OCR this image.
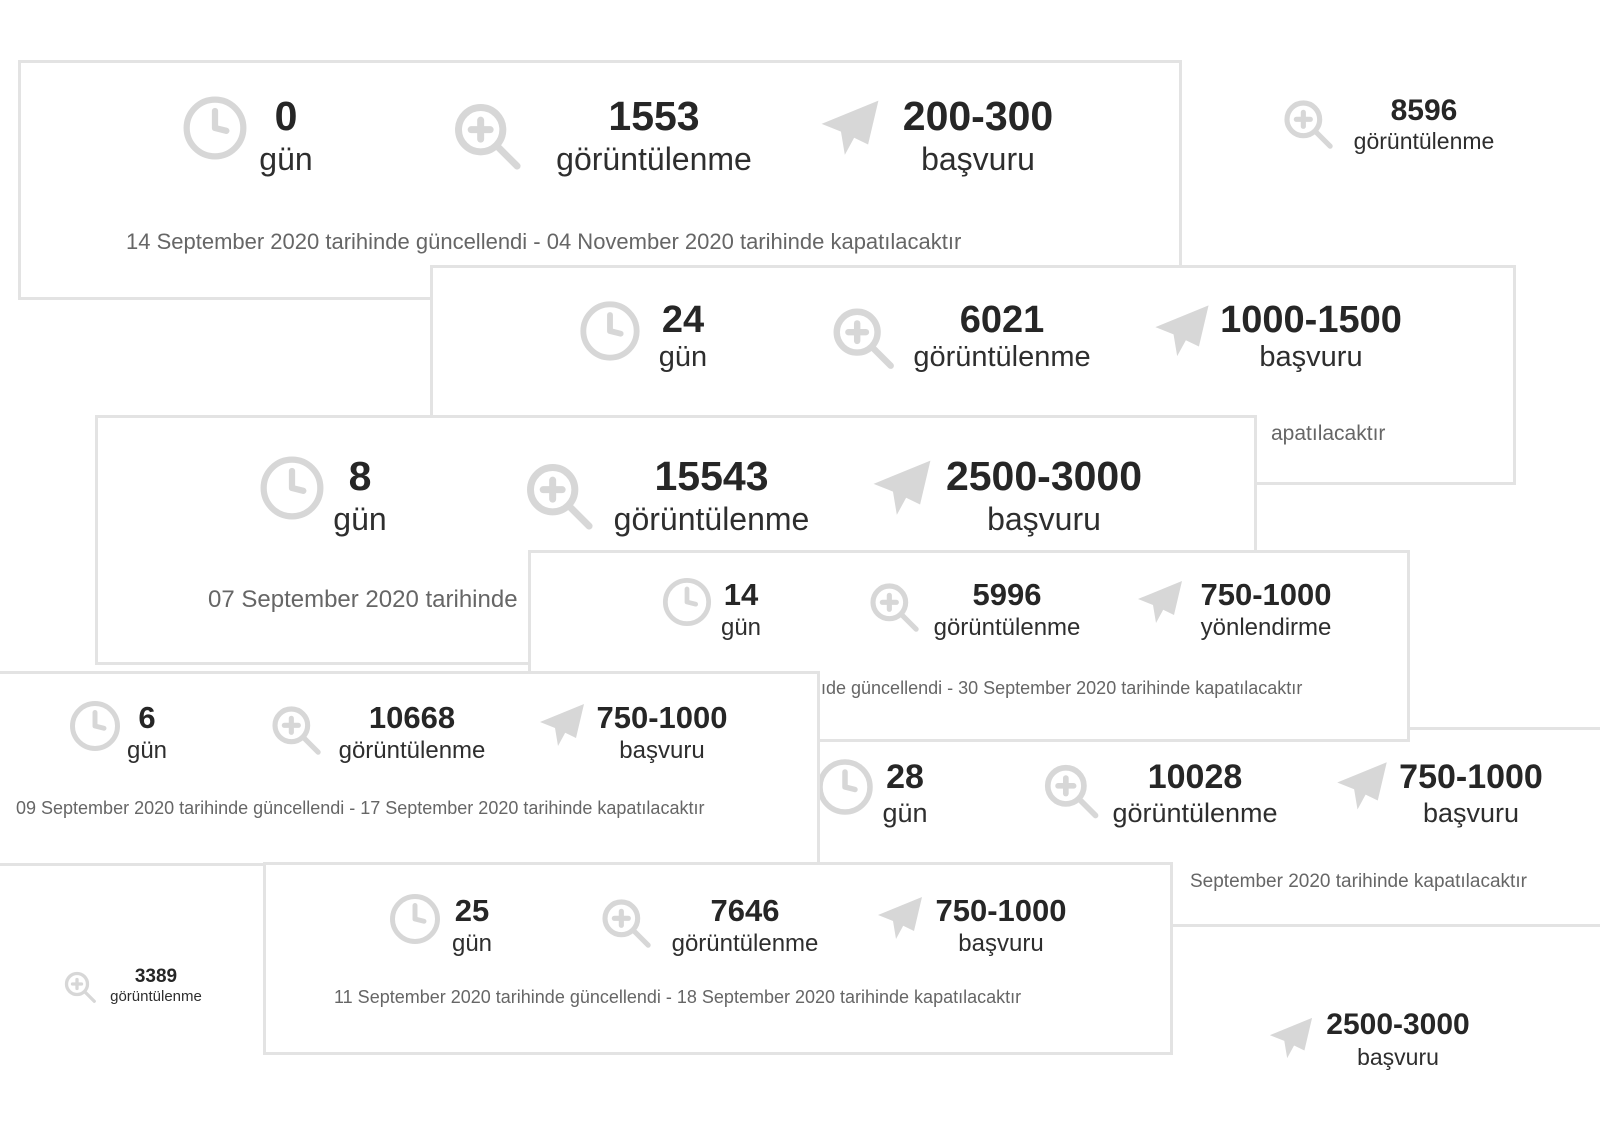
0
gün
1553
görüntülenme
200-300
başvuru
14 September 2020 tarihinde güncellendi - 04 November 2020 tarihinde kapatılacaktır
24
gün
6021
görüntülenme
1000-1500
başvuru
apatılacaktır
8
gün
15543
görüntülenme
2500-3000
başvuru
07 September 2020 tarihinde
28
gün
10028
görüntülenme
750-1000
başvuru
September 2020 tarihinde kapatılacaktır
14
gün
5996
görüntülenme
750-1000
yönlendirme
ıde güncellendi - 30 September 2020 tarihinde kapatılacaktır
6
gün
10668
görüntülenme
750-1000
başvuru
09 September 2020 tarihinde güncellendi - 17 September 2020 tarihinde kapatılacaktır
25
gün
7646
görüntülenme
750-1000
başvuru
11 September 2020 tarihinde güncellendi - 18 September 2020 tarihinde kapatılacaktır
8596
görüntülenme
3389
görüntülenme
2500-3000
başvuru
